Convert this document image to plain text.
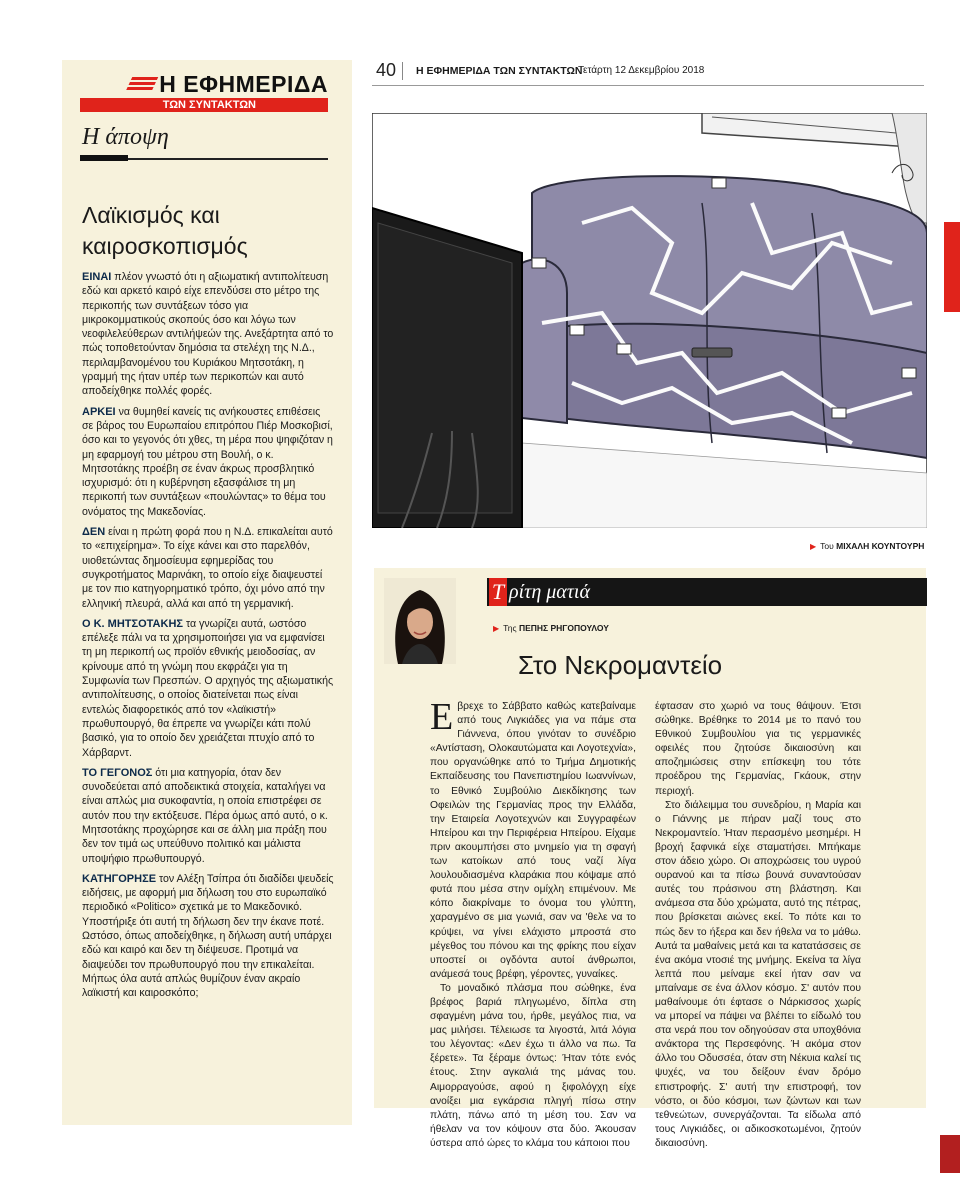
Η ΕΦΗΜΕΡΙΔΑ
ΤΩΝ ΣΥΝΤΑΚΤΩΝ
Η άποψη
Λαϊκισμός και
καιροσκοπισμός

ΕΙΝΑΙ πλέον γνωστό ότι η αξιωματική αντιπολίτευση εδώ και αρκετό καιρό είχε επενδύσει στο μέτρο της περικοπής των συντάξεων τόσο για μικροκομματικούς σκοπούς όσο και λόγω των νεοφιλελεύθερων αντιλήψεών της. Ανεξάρτητα από το πώς τοποθετούνταν δημόσια τα στελέχη της Ν.Δ., περιλαμβανομένου του Κυριάκου Μητσοτάκη, η γραμμή της ήταν υπέρ των περικοπών και αυτό αποδείχθηκε πολλές φορές.

ΑΡΚΕΙ να θυμηθεί κανείς τις ανήκουστες επιθέσεις σε βάρος του Ευρωπαίου επιτρόπου Πιέρ Μοσκοβισί, όσο και το γεγονός ότι χθες, τη μέρα που ψηφιζόταν η μη εφαρμογή του μέτρου στη Βουλή, ο κ. Μητσοτάκης προέβη σε έναν άκρως προσβλητικό ισχυρισμό: ότι η κυβέρνηση εξασφάλισε τη μη περικοπή των συντάξεων «πουλώντας» το θέμα του ονόματος της Μακεδονίας.

ΔΕΝ είναι η πρώτη φορά που η Ν.Δ. επικαλείται αυτό το «επιχείρημα». Το είχε κάνει και στο παρελθόν, υιοθετώντας δημοσίευμα εφημερίδας του συγκροτήματος Μαρινάκη, το οποίο είχε διαψευστεί με τον πιο κατηγορηματικό τρόπο, όχι μόνο από την ελληνική πλευρά, αλλά και από τη γερμανική.

Ο Κ. ΜΗΤΣΟΤΑΚΗΣ τα γνωρίζει αυτά, ωστόσο επέλεξε πάλι να τα χρησιμοποιήσει για να εμφανίσει τη μη περικοπή ως προϊόν εθνικής μειοδοσίας, αν κρίνουμε από τη γνώμη που εκφράζει για τη Συμφωνία των Πρεσπών. Ο αρχηγός της αξιωματικής αντιπολίτευσης, ο οποίος διατείνεται πως είναι εντελώς διαφορετικός από τον «λαϊκιστή» πρωθυπουργό, θα έπρεπε να γνωρίζει κάτι πολύ βασικό, για το οποίο δεν χρειάζεται πτυχίο από το Χάρβαρντ.

ΤΟ ΓΕΓΟΝΟΣ ότι μια κατηγορία, όταν δεν συνοδεύεται από αποδεικτικά στοιχεία, καταλήγει να είναι απλώς μια συκοφαντία, η οποία επιστρέφει σε αυτόν που την εκτόξευσε. Πέρα όμως από αυτό, ο κ. Μητσοτάκης προχώρησε και σε άλλη μια πράξη που δεν τον τιμά ως υπεύθυνο πολιτικό και μάλιστα υποψήφιο πρωθυπουργό.

ΚΑΤΗΓΟΡΗΣΕ τον Αλέξη Τσίπρα ότι διαδίδει ψευδείς ειδήσεις, με αφορμή μια δήλωση του στο ευρωπαϊκό περιοδικό «Politico» σχετικά με το Μακεδονικό. Υποστήριξε ότι αυτή τη δήλωση δεν την έκανε ποτέ. Ωστόσο, όπως αποδείχθηκε, η δήλωση αυτή υπάρχει εδώ και καιρό και δεν τη διέψευσε. Προτιμά να διαψεύδει τον πρωθυπουργό που την επικαλείται. Μήπως όλα αυτά απλώς θυμίζουν έναν ακραίο λαϊκιστή και καιροσκόπο;

40 Η ΕΦΗΜΕΡΙΔΑ ΤΩΝ ΣΥΝΤΑΚΤΩΝ
Τετάρτη 12 Δεκεμβρίου 2018
▶ Του ΜΙΧΑΛΗ ΚΟΥΝΤΟΥΡΗ
Τ ρίτη ματιά
▶ Της ΠΕΠΗΣ ΡΗΓΟΠΟΥΛΟΥ
Στο Νεκρομαντείο

Εβρεχε το Σάββατο καθώς κατεβαίναμε από τους Λιγκιάδες για να πάμε στα Γιάννενα, όπου γινόταν το συνέδριο «Αντίσταση, Ολοκαυτώματα και Λογοτεχνία», που οργανώθηκε από το Τμήμα Δημοτικής Εκπαίδευσης του Πανεπιστημίου Ιωαννίνων, το Εθνικό Συμβούλιο Διεκδίκησης των Οφειλών της Γερμανίας προς την Ελλάδα, την Εταιρεία Λογοτεχνών και Συγγραφέων Ηπείρου και την Περιφέρεια Ηπείρου. Είχαμε πριν ακουμπήσει στο μνημείο για τη σφαγή των κατοίκων από τους ναζί λίγα λουλουδιασμένα κλαράκια που κόψαμε από φυτά που μέσα στην ομίχλη επιμένουν. Με κόπο διακρίναμε το όνομα του γλύπτη, χαραγμένο σε μια γωνιά, σαν να 'θελε να το κρύψει, να γίνει ελάχιστο μπροστά στο μέγεθος του πόνου και της φρίκης που είχαν υποστεί οι ογδόντα αυτοί άνθρωποι, ανάμεσά τους βρέφη, γέροντες, γυναίκες.

Το μοναδικό πλάσμα που σώθηκε, ένα βρέφος βαριά πληγωμένο, δίπλα στη σφαγμένη μάνα του, ήρθε, μεγάλος πια, να μας μιλήσει. Τέλειωσε τα λιγοστά, λιτά λόγια του λέγοντας: «Δεν έχω τι άλλο να πω. Τα ξέρετε». Τα ξέραμε όντως: Ήταν τότε ενός έτους. Στην αγκαλιά της μάνας του. Αιμορραγούσε, αφού η ξιφολόγχη είχε ανοίξει μια εγκάρσια πληγή πίσω στην πλάτη, πάνω από τη μέση του. Σαν να ήθελαν να τον κόψουν στα δύο. Άκουσαν ύστερα από ώρες το κλάμα του κάποιοι που

έφτασαν στο χωριό να τους θάψουν. Έτσι σώθηκε. Βρέθηκε το 2014 με το πανό του Εθνικού Συμβουλίου για τις γερμανικές οφειλές που ζητούσε δικαιοσύνη και αποζημιώσεις στην επίσκεψη του τότε προέδρου της Γερμανίας, Γκάουκ, στην περιοχή.

Στο διάλειμμα του συνεδρίου, η Μαρία και ο Γιάννης με πήραν μαζί τους στο Νεκρομαντείο. Ήταν περασμένο μεσημέρι. Η βροχή ξαφνικά είχε σταματήσει. Μπήκαμε στον άδειο χώρο. Οι αποχρώσεις του υγρού ουρανού και τα πίσω βουνά συναντούσαν αυτές του πράσινου στη βλάστηση. Και ανάμεσα στα δύο χρώματα, αυτό της πέτρας, που βρίσκεται αιώνες εκεί. Το πότε και το πώς δεν το ήξερα και δεν ήθελα να το μάθω. Αυτά τα μαθαίνεις μετά και τα κατατάσσεις σε ένα ακόμα ντοσιέ της μνήμης. Εκείνα τα λίγα λεπτά που μείναμε εκεί ήταν σαν να μπαίναμε σε ένα άλλον κόσμο. Σ' αυτόν που μαθαίνουμε ότι έφτασε ο Νάρκισσος χωρίς να μπορεί να πάψει να βλέπει το είδωλό του στα νερά που τον οδηγούσαν στα υποχθόνια ανάκτορα της Περσεφόνης. Ή ακόμα στον άλλο του Οδυσσέα, όταν στη Νέκυια καλεί τις ψυχές, να του δείξουν έναν δρόμο επιστροφής. Σ' αυτή την επιστροφή, τον νόστο, οι δύο κόσμοι, των ζώντων και των τεθνεώτων, συνεργάζονται. Τα είδωλα από τους Λιγκιάδες, οι αδικοσκοτωμένοι, ζητούν δικαιοσύνη.
